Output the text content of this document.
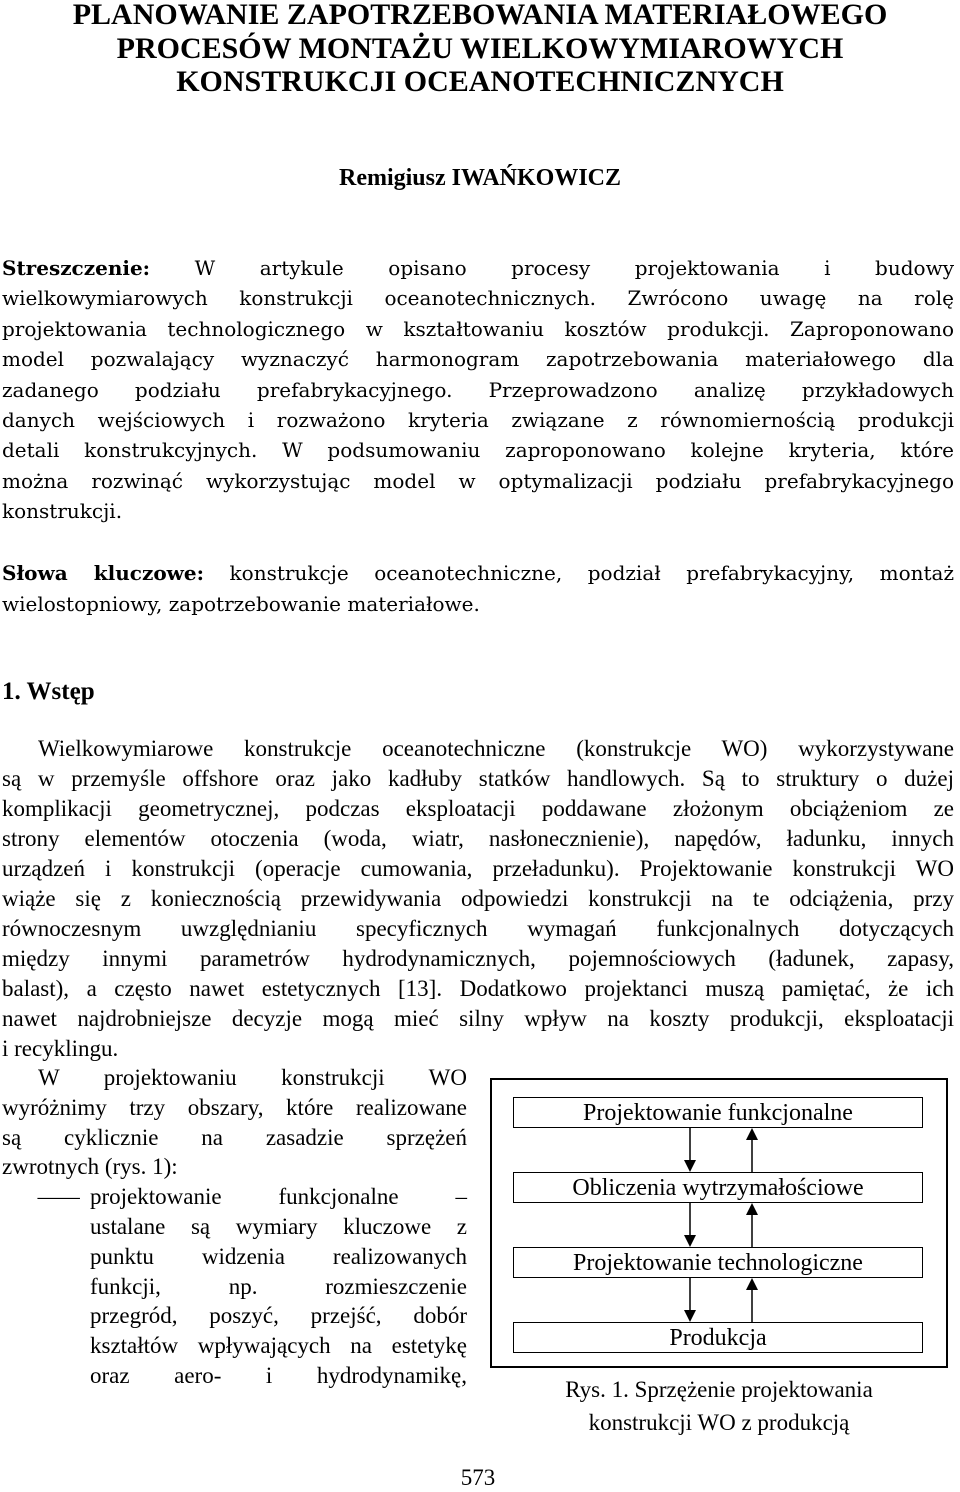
PLANOWANIE ZAPOTRZEBOWANIA MATERIAŁOWEGO
PROCESÓW MONTAŻU WIELKOWYMIAROWYCH
KONSTRUKCJI OCEANOTECHNICZNYCH
Remigiusz IWAŃKOWICZ
Streszczenie: W artykule opisano procesy projektowania i budowy
wielkowymiarowych konstrukcji oceanotechnicznych. Zwrócono uwagę na rolę
projektowania technologicznego w kształtowaniu kosztów produkcji. Zaproponowano
model pozwalający wyznaczyć harmonogram zapotrzebowania materiałowego dla
zadanego podziału prefabrykacyjnego. Przeprowadzono analizę przykładowych
danych wejściowych i rozważono kryteria związane z równomiernością produkcji
detali konstrukcyjnych. W podsumowaniu zaproponowano kolejne kryteria, które
można rozwinąć wykorzystując model w optymalizacji podziału prefabrykacyjnego
konstrukcji.
Słowa kluczowe: konstrukcje oceanotechniczne, podział prefabrykacyjny, montaż
wielostopniowy, zapotrzebowanie materiałowe.
1. Wstęp
Wielkowymiarowe konstrukcje oceanotechniczne (konstrukcje WO) wykorzystywane
są w przemyśle offshore oraz jako kadłuby statków handlowych. Są to struktury o dużej
komplikacji geometrycznej, podczas eksploatacji poddawane złożonym obciążeniom ze
strony elementów otoczenia (woda, wiatr, nasłonecznienie), napędów, ładunku, innych
urządzeń i konstrukcji (operacje cumowania, przeładunku). Projektowanie konstrukcji WO
wiąże się z koniecznością przewidywania odpowiedzi konstrukcji na te odciążenia, przy
równoczesnym uwzględnianiu specyficznych wymagań funkcjonalnych dotyczących
między innymi parametrów hydrodynamicznych, pojemnościowych (ładunek, zapasy,
balast), a często nawet estetycznych [13]. Dodatkowo projektanci muszą pamiętać, że ich
nawet najdrobniejsze decyzje mogą mieć silny wpływ na koszty produkcji, eksploatacji
i recyklingu.
W projektowaniu konstrukcji WO
wyróżnimy trzy obszary, które realizowane
są cyklicznie na zasadzie sprzężeń
zwrotnych (rys. 1):
– projektowanie funkcjonalne –
ustalane są wymiary kluczowe z
punktu widzenia realizowanych
funkcji, np. rozmieszczenie
przegród, poszyć, przejść, dobór
kształtów wpływających na estetykę
oraz aero- i hydrodynamikę,
Projektowanie funkcjonalne
Obliczenia wytrzymałościowe
Projektowanie technologiczne
Produkcja
Rys. 1. Sprzężenie projektowania
konstrukcji WO z produkcją
573
